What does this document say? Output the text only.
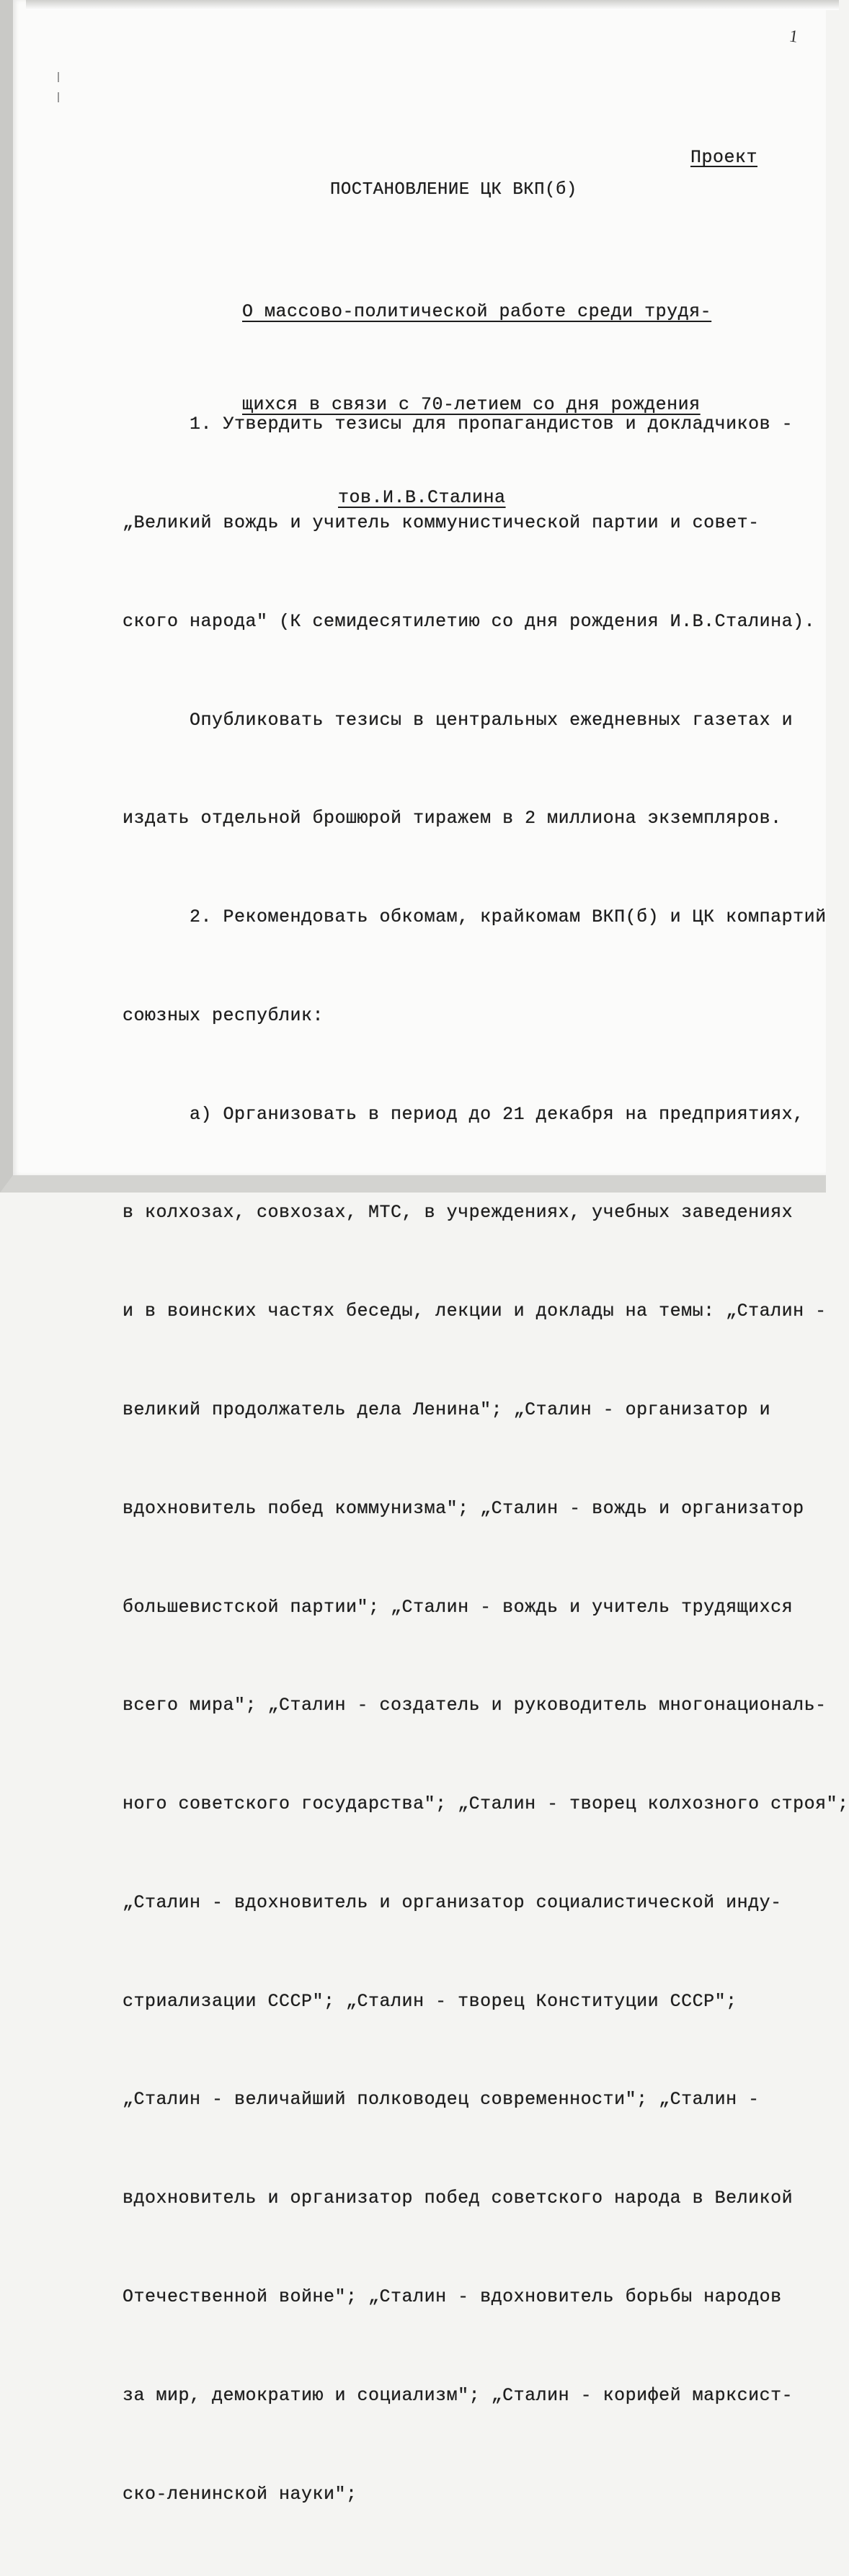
1
Проект
ПОСТАНОВЛЕНИЕ ЦК ВКП(б)

О массово-политической работе среди трудя-

щихся в связи с 70-летием со дня рождения

тов.И.В.Сталина

1. Утвердить тезисы для пропагандистов и докладчиков -

„Великий вождь и учитель коммунистической партии и совет-

ского народа" (К семидесятилетию со дня рождения И.В.Сталина).

Опубликовать тезисы в центральных ежедневных газетах и

издать отдельной брошюрой тиражем в 2 миллиона экземпляров.

2. Рекомендовать обкомам, крайкомам ВКП(б) и ЦК компартий

союзных республик:

а) Организовать в период до 21 декабря на предприятиях,

в колхозах, совхозах, МТС, в учреждениях, учебных заведениях

и в воинских частях беседы, лекции и доклады на темы: „Сталин -

великий продолжатель дела Ленина"; „Сталин - организатор и

вдохновитель побед коммунизма"; „Сталин - вождь и организатор

большевистской партии"; „Сталин - вождь и учитель трудящихся

всего мира"; „Сталин - создатель и руководитель многонациональ-

ного советского государства"; „Сталин - творец колхозного строя";

„Сталин - вдохновитель и организатор социалистической инду-

стриализации СССР"; „Сталин - творец Конституции СССР";

„Сталин - величайший полководец современности"; „Сталин -

вдохновитель и организатор побед советского народа в Великой

Отечественной войне"; „Сталин - вдохновитель борьбы народов

за мир, демократию и социализм"; „Сталин - корифей марксист-

ско-ленинской науки";
